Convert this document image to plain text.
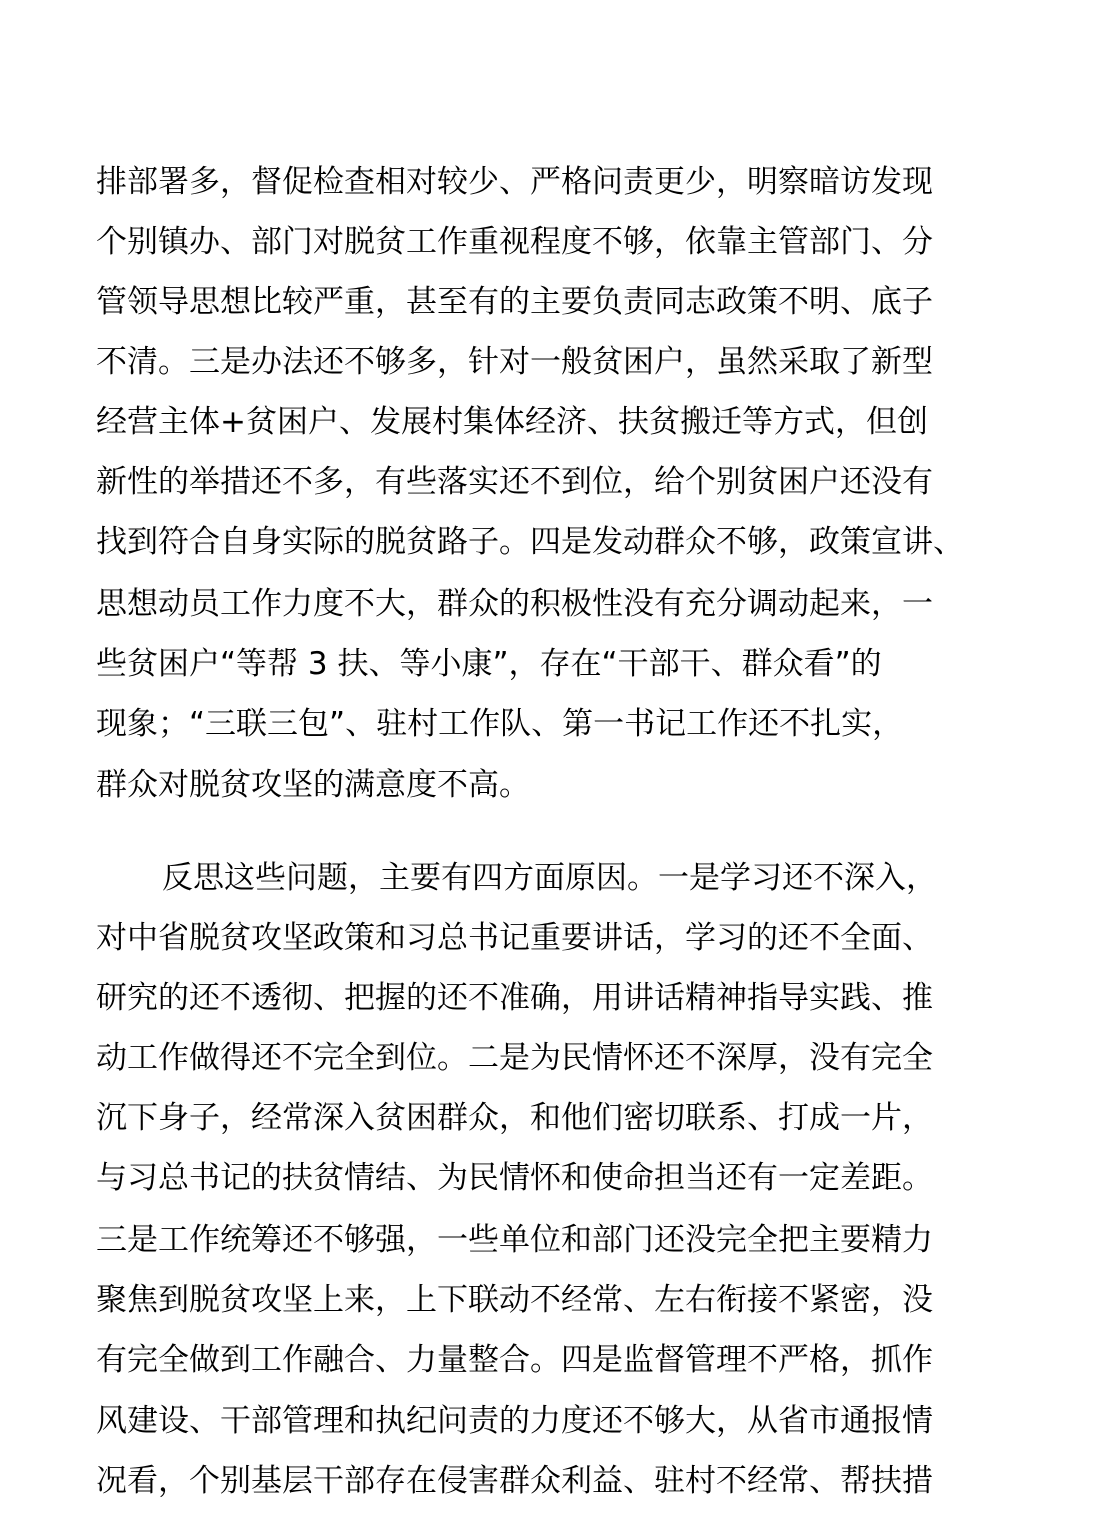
排部署多，督促检查相对较少、严格问责更少，明察暗访发现
个别镇办、部门对脱贫工作重视程度不够，依靠主管部门、分
管领导思想比较严重，甚至有的主要负责同志政策不明、底子
不清。三是办法还不够多，针对一般贫困户，虽然采取了新型
经营主体+贫困户、发展村集体经济、扶贫搬迁等方式，但创
新性的举措还不多，有些落实还不到位，给个别贫困户还没有
找到符合自身实际的脱贫路子。四是发动群众不够，政策宣讲、
思想动员工作力度不大，群众的积极性没有充分调动起来，一
些贫困户“等帮 3 扶、等小康”，存在“干部干、群众看”的
现象；“三联三包”、驻村工作队、第一书记工作还不扎实，
群众对脱贫攻坚的满意度不高。
反思这些问题，主要有四方面原因。一是学习还不深入，
对中省脱贫攻坚政策和习总书记重要讲话，学习的还不全面、
研究的还不透彻、把握的还不准确，用讲话精神指导实践、推
动工作做得还不完全到位。二是为民情怀还不深厚，没有完全
沉下身子，经常深入贫困群众，和他们密切联系、打成一片，
与习总书记的扶贫情结、为民情怀和使命担当还有一定差距。
三是工作统筹还不够强，一些单位和部门还没完全把主要精力
聚焦到脱贫攻坚上来，上下联动不经常、左右衔接不紧密，没
有完全做到工作融合、力量整合。四是监督管理不严格，抓作
风建设、干部管理和执纪问责的力度还不够大，从省市通报情
况看，个别基层干部存在侵害群众利益、驻村不经常、帮扶措
